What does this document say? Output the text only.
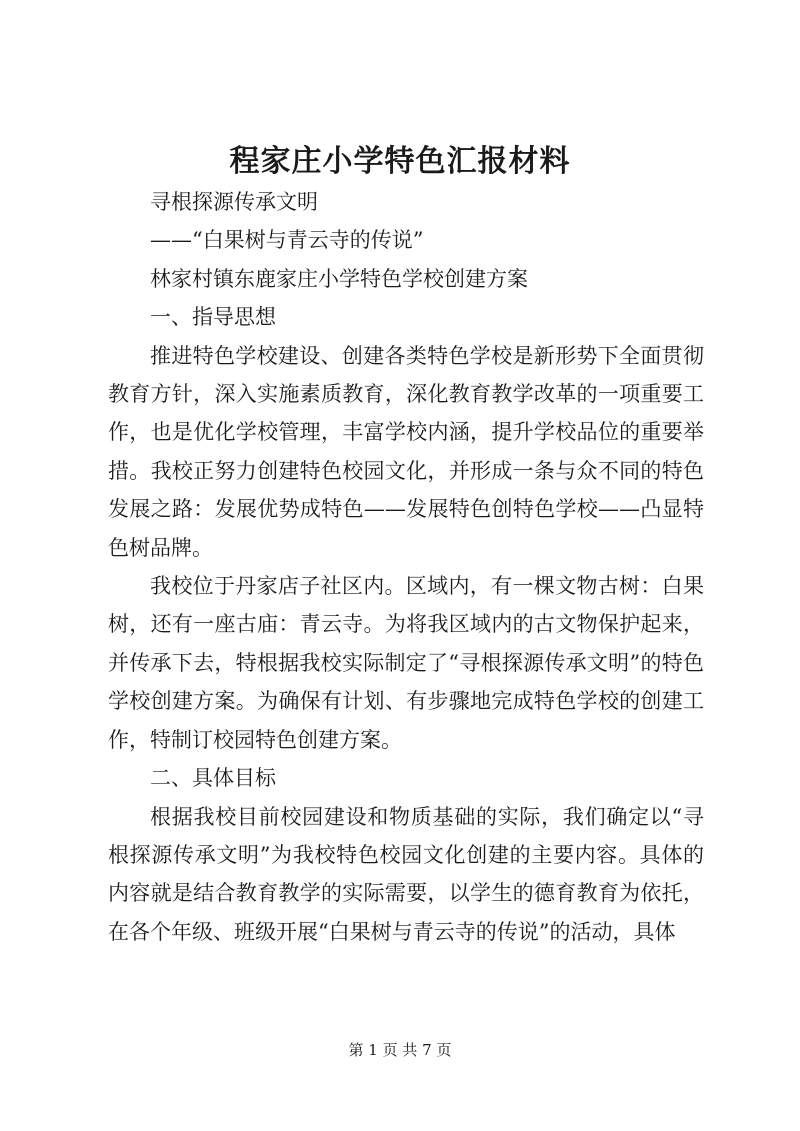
程家庄小学特色汇报材料

寻根探源传承文明

——“白果树与青云寺的传说”

林家村镇东鹿家庄小学特色学校创建方案

一、指导思想

推进特色学校建设、创建各类特色学校是新形势下全面贯彻教育方针，深入实施素质教育，深化教育教学改革的一项重要工作，也是优化学校管理，丰富学校内涵，提升学校品位的重要举措。我校正努力创建特色校园文化，并形成一条与众不同的特色发展之路：发展优势成特色——发展特色创特色学校——凸显特色树品牌。

我校位于丹家店子社区内。区域内，有一棵文物古树：白果树，还有一座古庙：青云寺。为将我区域内的古文物保护起来，并传承下去，特根据我校实际制定了“寻根探源传承文明”的特色学校创建方案。为确保有计划、有步骤地完成特色学校的创建工作，特制订校园特色创建方案。

二、具体目标

根据我校目前校园建设和物质基础的实际，我们确定以“寻根探源传承文明”为我校特色校园文化创建的主要内容。具体的内容就是结合教育教学的实际需要，以学生的德育教育为依托，在各个年级、班级开展“白果树与青云寺的传说”的活动，具体

第 1 页 共 7 页
